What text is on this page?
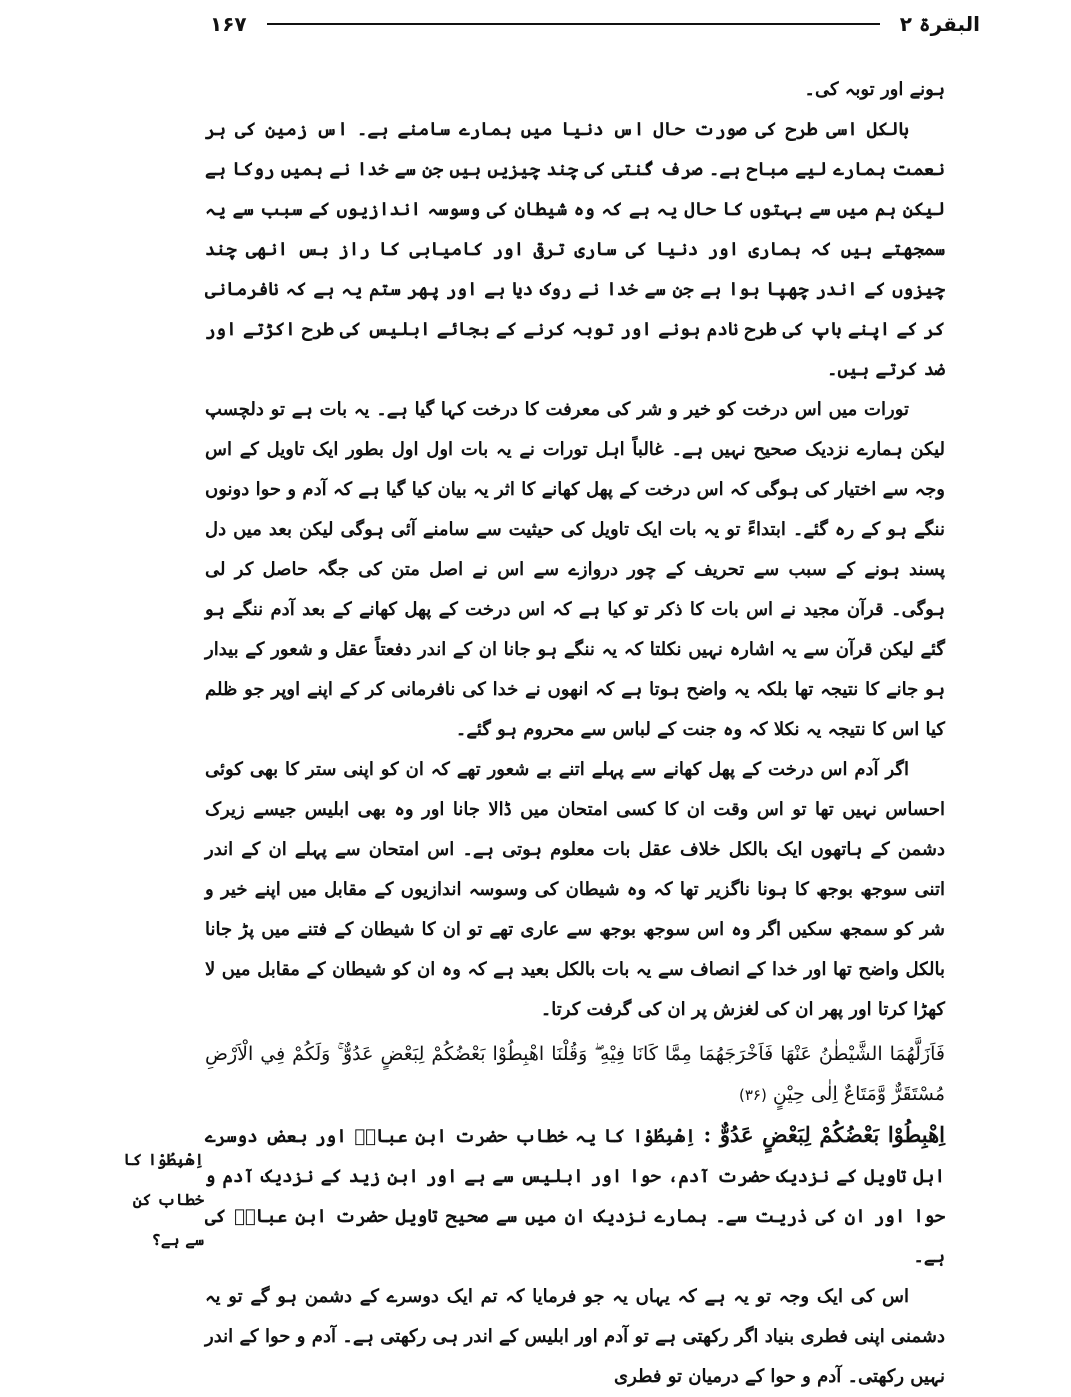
البقرۃ ۲
۱۶۷

ہونے اور توبہ کی۔

بالکل اسی طرح کی صورت حال اس دنیا میں ہمارے سامنے ہے۔ اس زمین کی ہر نعمت ہمارے لیے مباح ہے۔ صرف گنتی کی چند چیزیں ہیں جن سے خدا نے ہمیں روکا ہے لیکن ہم میں سے بہتوں کا حال یہ ہے کہ وہ شیطان کی وسوسہ اندازیوں کے سبب سے یہ سمجھتے ہیں کہ ہماری اور دنیا کی ساری ترقی اور کامیابی کا راز بس انھی چند چیزوں کے اندر چھپا ہوا ہے جن سے خدا نے روک دیا ہے اور پھر ستم یہ ہے کہ نافرمانی کر کے اپنے باپ کی طرح نادم ہونے اور توبہ کرنے کے بجائے ابلیس کی طرح اکڑتے اور ضد کرتے ہیں۔

تورات میں اس درخت کو خیر و شر کی معرفت کا درخت کہا گیا ہے۔ یہ بات ہے تو دلچسپ لیکن ہمارے نزدیک صحیح نہیں ہے۔ غالباً اہل تورات نے یہ بات اول اول بطور ایک تاویل کے اس وجہ سے اختیار کی ہوگی کہ اس درخت کے پھل کھانے کا اثر یہ بیان کیا گیا ہے کہ آدم و حوا دونوں ننگے ہو کے رہ گئے۔ ابتداءً تو یہ بات ایک تاویل کی حیثیت سے سامنے آئی ہوگی لیکن بعد میں دل پسند ہونے کے سبب سے تحریف کے چور دروازے سے اس نے اصل متن کی جگہ حاصل کر لی ہوگی۔ قرآن مجید نے اس بات کا ذکر تو کیا ہے کہ اس درخت کے پھل کھانے کے بعد آدم ننگے ہو گئے لیکن قرآن سے یہ اشارہ نہیں نکلتا کہ یہ ننگے ہو جانا ان کے اندر دفعتاً عقل و شعور کے بیدار ہو جانے کا نتیجہ تھا بلکہ یہ واضح ہوتا ہے کہ انھوں نے خدا کی نافرمانی کر کے اپنے اوپر جو ظلم کیا اس کا نتیجہ یہ نکلا کہ وہ جنت کے لباس سے محروم ہو گئے۔

اگر آدم اس درخت کے پھل کھانے سے پہلے اتنے بے شعور تھے کہ ان کو اپنی ستر کا بھی کوئی احساس نہیں تھا تو اس وقت ان کا کسی امتحان میں ڈالا جانا اور وہ بھی ابلیس جیسے زیرک دشمن کے ہاتھوں ایک بالکل خلاف عقل بات معلوم ہوتی ہے۔ اس امتحان سے پہلے ان کے اندر اتنی سوجھ بوجھ کا ہونا ناگزیر تھا کہ وہ شیطان کی وسوسہ اندازیوں کے مقابل میں اپنے خیر و شر کو سمجھ سکیں اگر وہ اس سوجھ بوجھ سے عاری تھے تو ان کا شیطان کے فتنے میں پڑ جانا بالکل واضح تھا اور خدا کے انصاف سے یہ بات بالکل بعید ہے کہ وہ ان کو شیطان کے مقابل میں لا کھڑا کرتا اور پھر ان کی لغزش پر ان کی گرفت کرتا۔

فَاَزَلَّهُمَا الشَّيْطٰنُ عَنْهَا فَاَخْرَجَهُمَا مِمَّا كَانَا فِيْهِ ۖ وَقُلْنَا اهْبِطُوْا بَعْضُكُمْ لِبَعْضٍ عَدُوٌّ ۚ وَلَكُمْ فِي الْاَرْضِ مُسْتَقَرٌّ وَّمَتَاعٌ اِلٰى حِيْنٍ (۳۶)

اِهْبِطُوْا بَعْضُكُمْ لِبَعْضٍ عَدُوٌّ : اِهْبِطُوْا کا یہ خطاب حضرت ابن عباسؓ اور بعض دوسرے اہل تاویل کے نزدیک حضرت آدم، حوا اور ابلیس سے ہے اور ابن زید کے نزدیک آدم و حوا اور ان کی ذریت سے۔ ہمارے نزدیک ان میں سے صحیح تاویل حضرت ابن عباسؓ کی ہے۔

اس کی ایک وجہ تو یہ ہے کہ یہاں یہ جو فرمایا کہ تم ایک دوسرے کے دشمن ہو گے تو یہ دشمنی اپنی فطری بنیاد اگر رکھتی ہے تو آدم اور ابلیس کے اندر ہی رکھتی ہے۔ آدم و حوا کے اندر نہیں رکھتی۔ آدم و حوا کے درمیان تو فطری

اِهْبِطُوْا کا خطاب کن سے ہے؟
